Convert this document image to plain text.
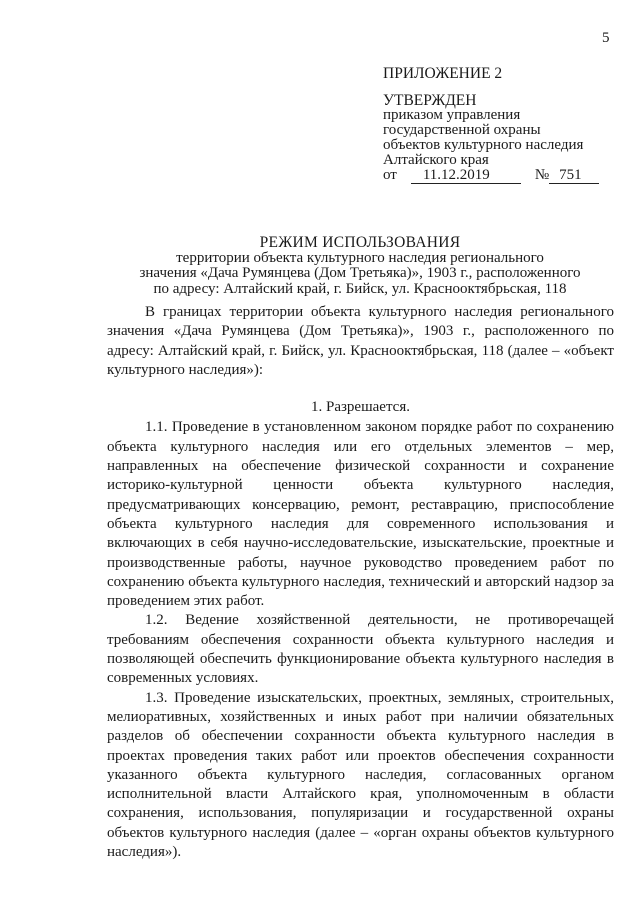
5
ПРИЛОЖЕНИЕ 2
УТВЕРЖДЕН
приказом управления
государственной охраны
объектов культурного наследия
Алтайского края
от	11.12.2019	№ 751
РЕЖИМ ИСПОЛЬЗОВАНИЯ
территории объекта культурного наследия регионального
значения «Дача Румянцева (Дом Третьяка)», 1903 г., расположенного
по адресу: Алтайский край, г. Бийск, ул. Краснооктябрьская, 118

В границах территории объекта культурного наследия регионального значения «Дача Румянцева (Дом Третьяка)», 1903 г., расположенного по адресу: Алтайский край, г. Бийск, ул. Краснооктябрьская, 118 (далее – «объект культурного наследия»):

1. Разрешается.

1.1. Проведение в установленном законом порядке работ по сохранению объекта культурного наследия или его отдельных элементов – мер, направленных на обеспечение физической сохранности и сохранение историко-культурной ценности объекта культурного наследия, предусматривающих консервацию, ремонт, реставрацию, приспособление объекта культурного наследия для современного использования и включающих в себя научно-исследовательские, изыскательские, проектные и производственные работы, научное руководство проведением работ по сохранению объекта культурного наследия, технический и авторский надзор за проведением этих работ.

1.2. Ведение хозяйственной деятельности, не противоречащей требованиям обеспечения сохранности объекта культурного наследия и позволяющей обеспечить функционирование объекта культурного наследия в современных условиях.

1.3. Проведение изыскательских, проектных, земляных, строительных, мелиоративных, хозяйственных и иных работ при наличии обязательных разделов об обеспечении сохранности объекта культурного наследия в проектах проведения таких работ или проектов обеспечения сохранности указанного объекта культурного наследия, согласованных органом исполнительной власти Алтайского края, уполномоченным в области сохранения, использования, популяризации и государственной охраны объектов культурного наследия (далее – «орган охраны объектов культурного наследия»).
